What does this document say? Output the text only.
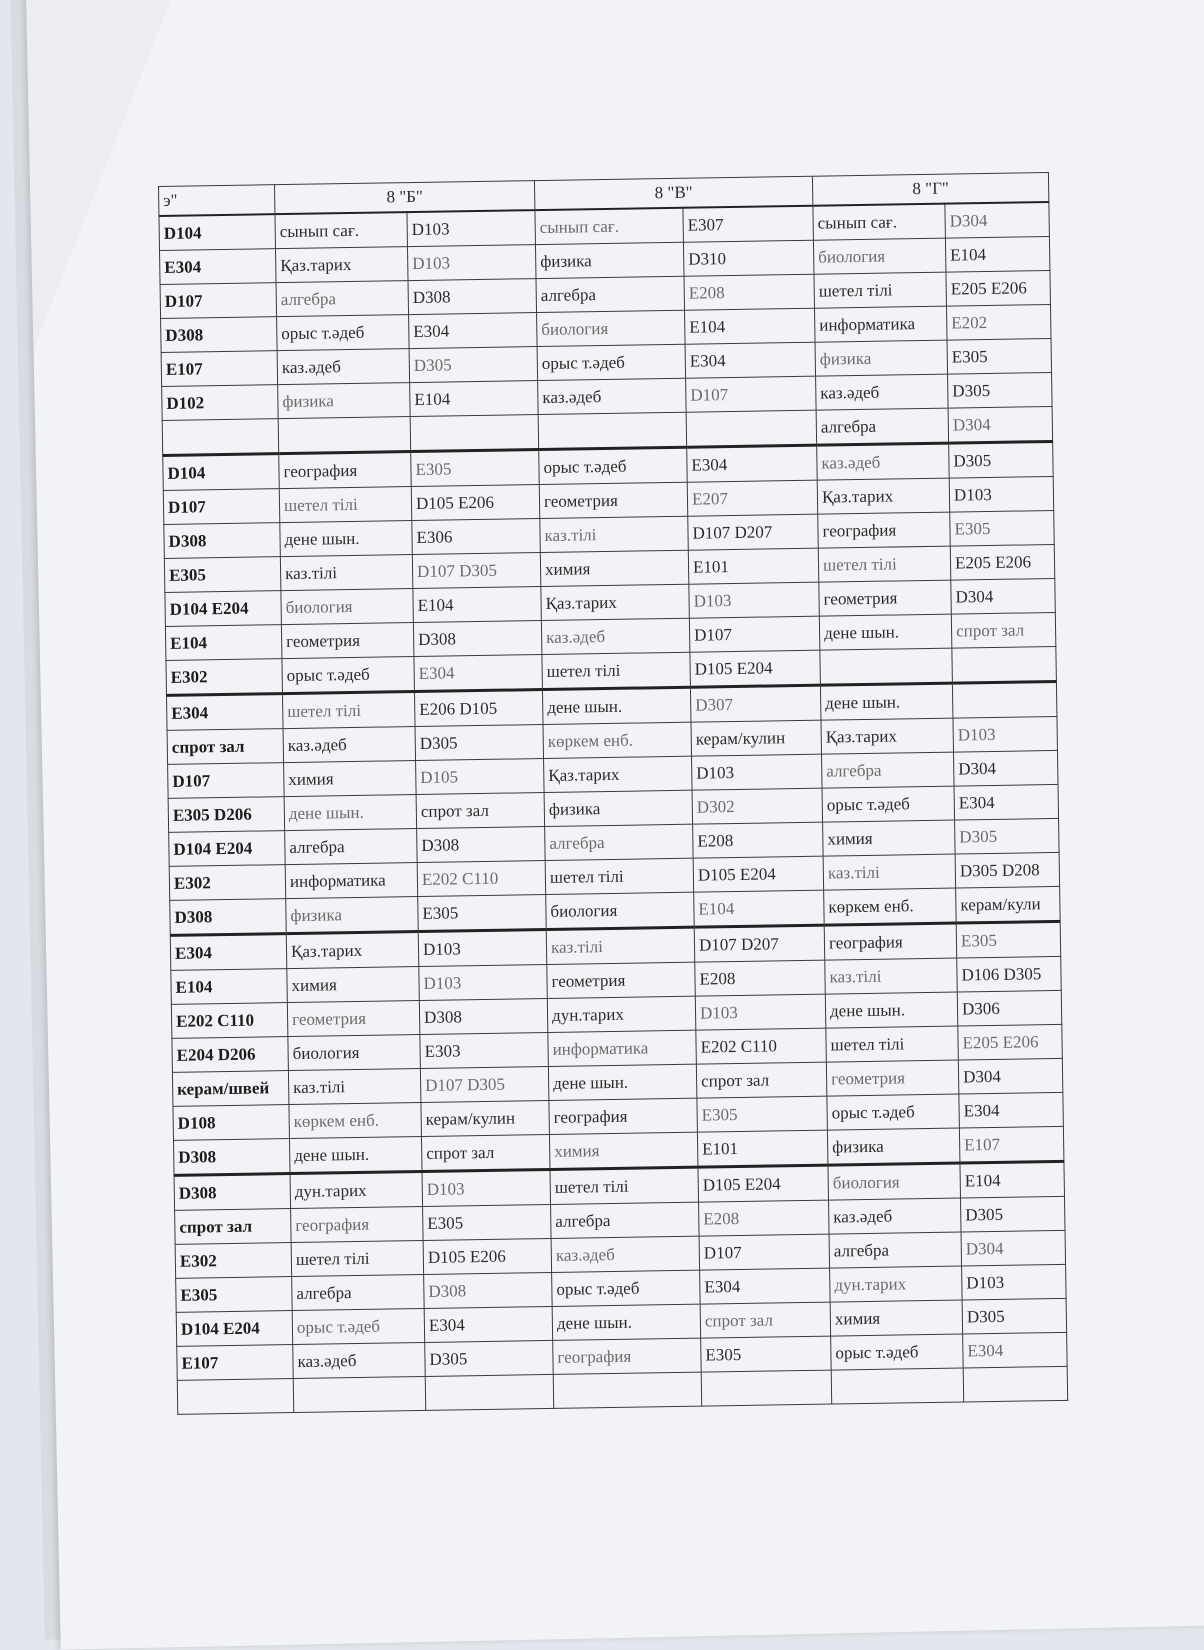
э"	8 "Б"		8 "В"		8 "Г"	
D104	сынып сағ.	D103	сынып сағ.	E307	сынып сағ.	D304
E304	Қаз.тарих	D103	физика	D310	биология	E104
D107	алгебра	D308	алгебра	E208	шетел тілі	E205 E206
D308	орыс т.әдеб	E304	биология	E104	информатика	E202
E107	каз.әдеб	D305	орыс т.әдеб	E304	физика	E305
D102	физика	E104	каз.әдеб	D107	каз.әдеб	D305
					алгебра	D304
D104	география	E305	орыс т.әдеб	E304	каз.әдеб	D305
D107	шетел тілі	D105 E206	геометрия	E207	Қаз.тарих	D103
D308	дене шын.	E306	каз.тілі	D107 D207	география	E305
E305	каз.тілі	D107 D305	химия	E101	шетел тілі	E205 E206
D104 E204	биология	E104	Қаз.тарих	D103	геометрия	D304
E104	геометрия	D308	каз.әдеб	D107	дене шын.	спрот зал
E302	орыс т.әдеб	E304	шетел тілі	D105 E204		
E304	шетел тілі	E206 D105	дене шын.	D307	дене шын.	
спрот зал	каз.әдеб	D305	көркем енб.	керам/кулин	Қаз.тарих	D103
D107	химия	D105	Қаз.тарих	D103	алгебра	D304
E305 D206	дене шын.	спрот зал	физика	D302	орыс т.әдеб	E304
D104 E204	алгебра	D308	алгебра	E208	химия	D305
E302	информатика	E202 C110	шетел тілі	D105 E204	каз.тілі	D305 D208
D308	физика	E305	биология	E104	көркем енб.	керам/кули
E304	Қаз.тарих	D103	каз.тілі	D107 D207	география	E305
E104	химия	D103	геометрия	E208	каз.тілі	D106 D305
E202 C110	геометрия	D308	дун.тарих	D103	дене шын.	D306
E204 D206	биология	E303	информатика	E202 C110	шетел тілі	E205 E206
керам/швей	каз.тілі	D107 D305	дене шын.	спрот зал	геометрия	D304
D108	көркем енб.	керам/кулин	география	E305	орыс т.әдеб	E304
D308	дене шын.	спрот зал	химия	E101	физика	E107
D308	дун.тарих	D103	шетел тілі	D105 E204	биология	E104
спрот зал	география	E305	алгебра	E208	каз.әдеб	D305
E302	шетел тілі	D105 E206	каз.әдеб	D107	алгебра	D304
E305	алгебра	D308	орыс т.әдеб	E304	дун.тарих	D103
D104 E204	орыс т.әдеб	E304	дене шын.	спрот зал	химия	D305
E107	каз.әдеб	D305	география	E305	орыс т.әдеб	E304
